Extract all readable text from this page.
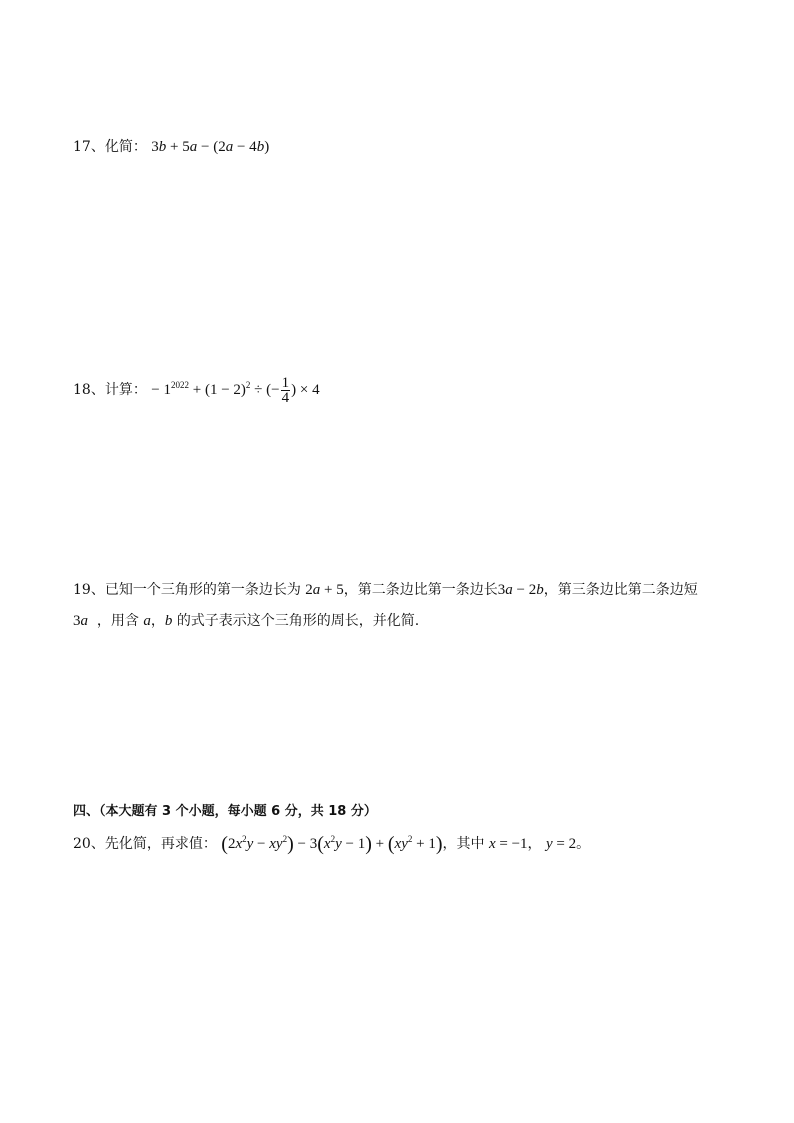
17、化简： 3b + 5a − (2a − 4b)
18、计算： − $1^{2022} + (1 - 2)^2$ ÷ (− $\frac{1}{4}$ ) × 4
19、已知一个三角形的第一条边长为 2a + 5，第二条边比第一条边长3a − 2b，第三条边比第二条边短
3a ，用含 a，b 的式子表示这个三角形的周长，并化简.
四、（本大题有 3 个小题，每小题 6 分，共 18 分）
20、先化简，再求值： $(2x^2y - xy^2) - 3(x^2y - 1) + (xy^2 + 1)$，其中 x = −1， y = 2。
